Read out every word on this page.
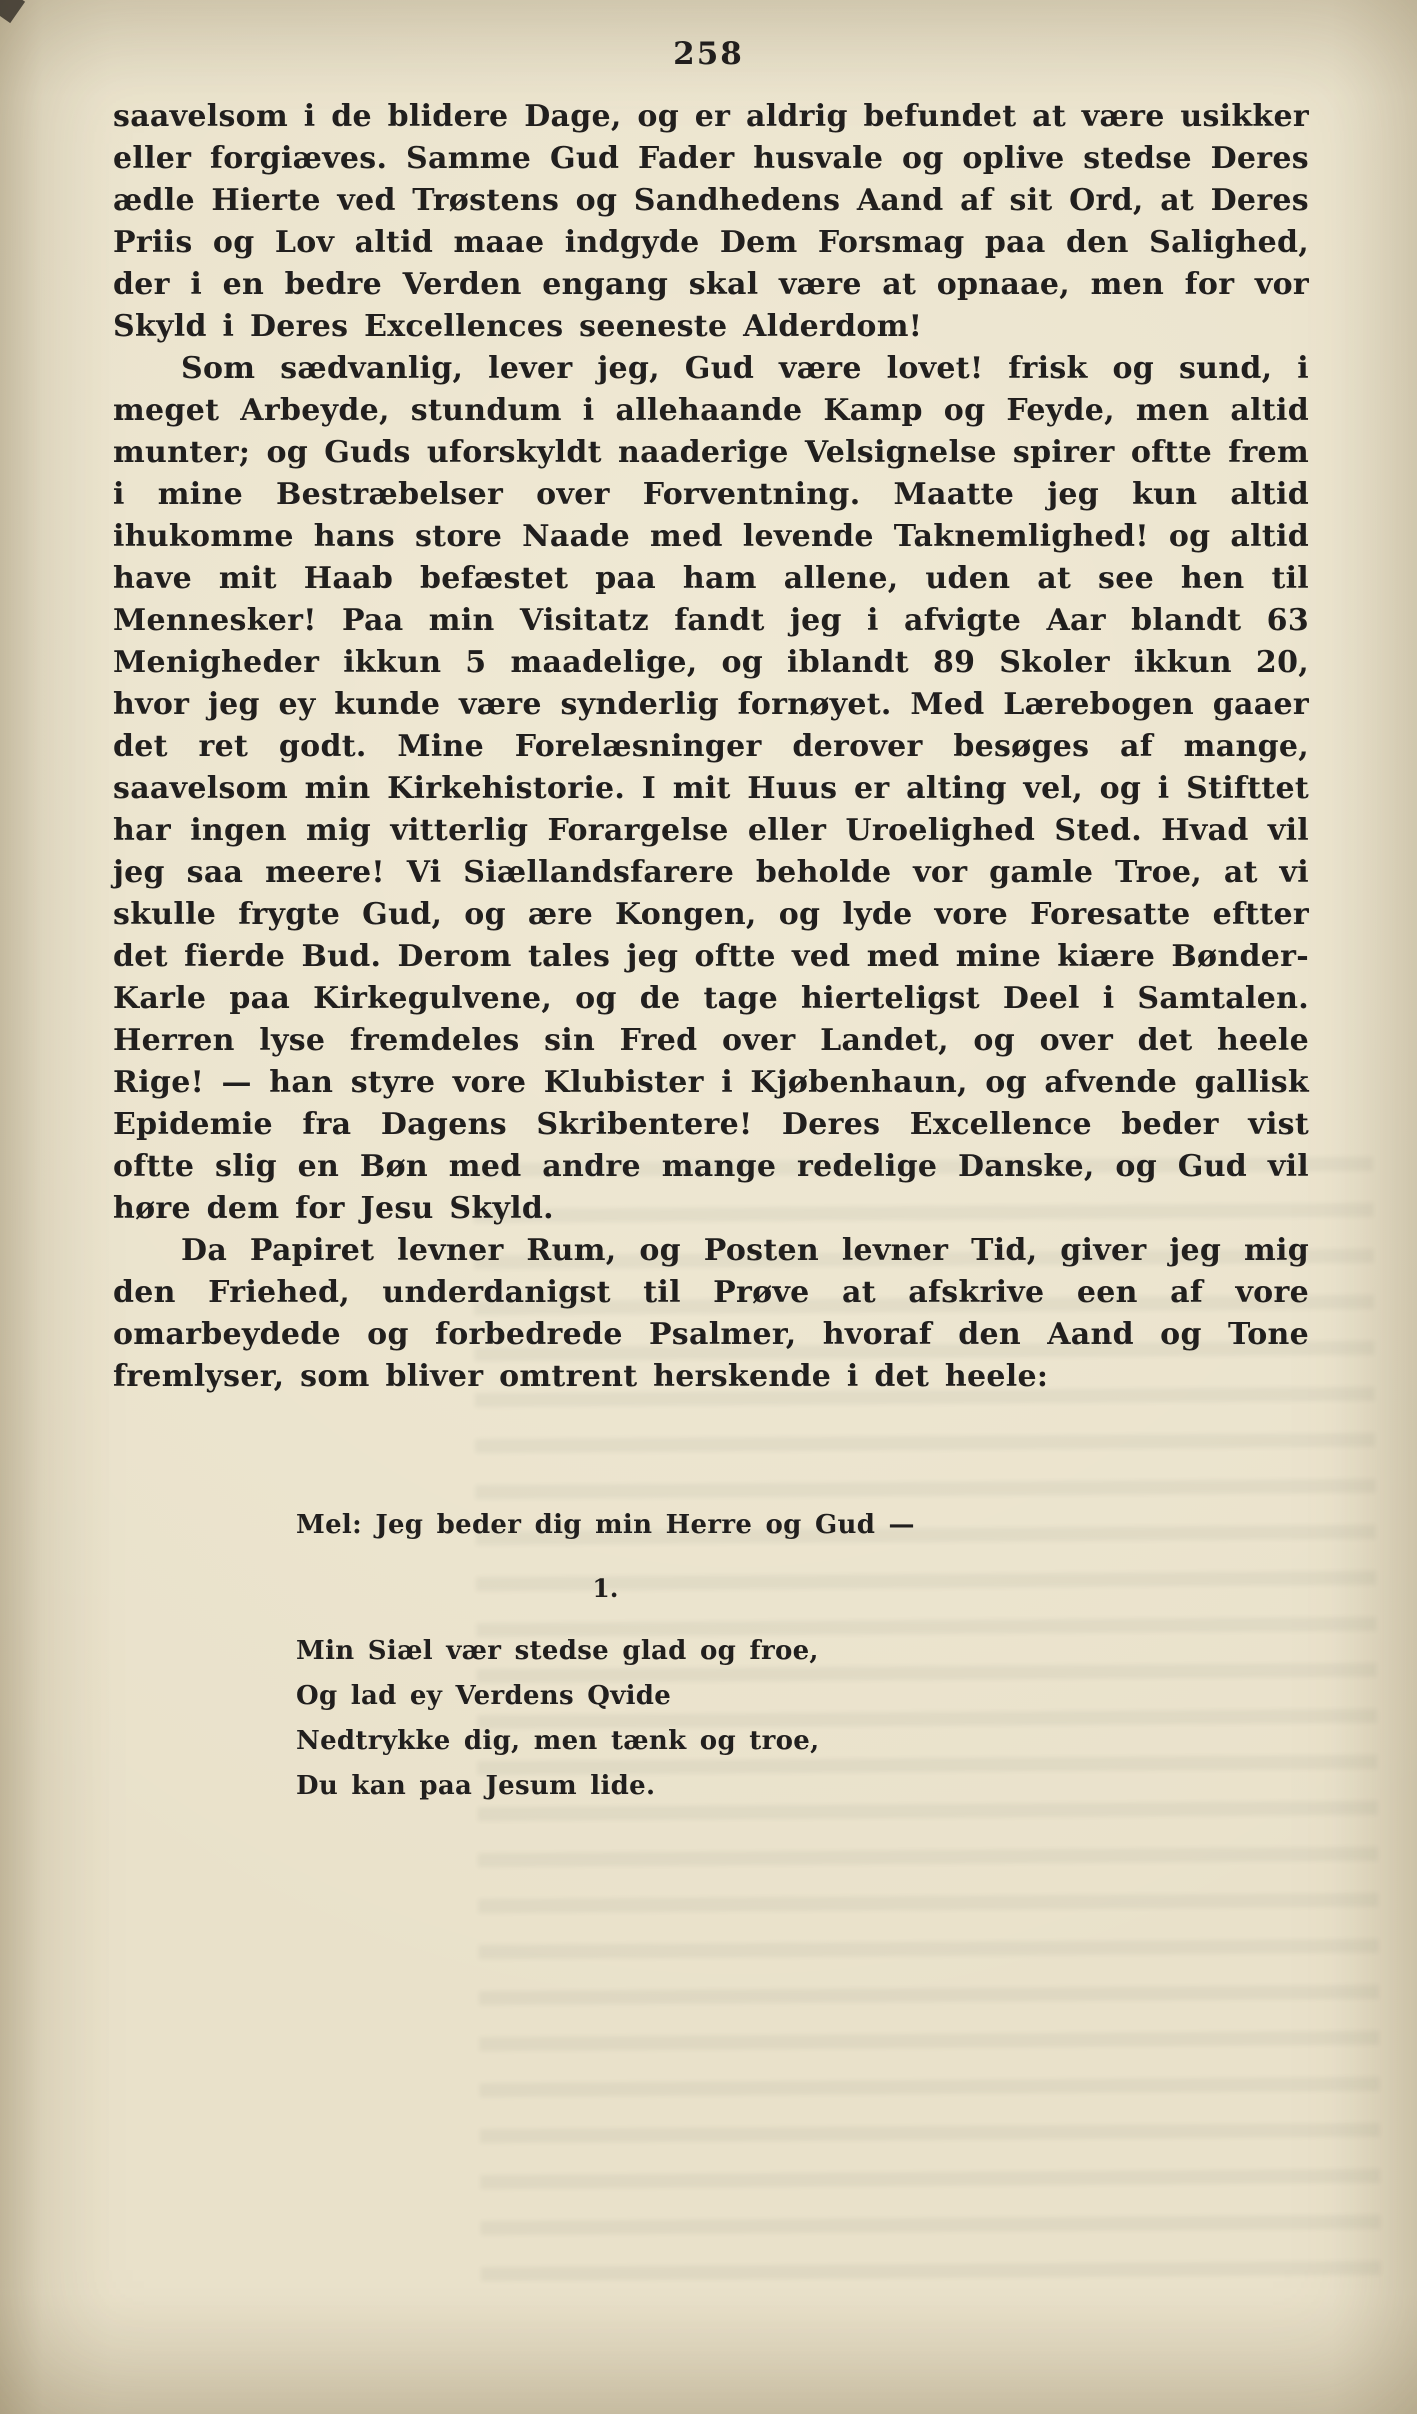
258

saavelsom i de blidere Dage, og er aldrig befundet at være usikker eller forgiæves. Samme Gud Fader husvale og oplive stedse Deres ædle Hierte ved Trøstens og Sandhedens Aand af sit Ord, at Deres Priis og Lov altid maae indgyde Dem Forsmag paa den Salighed, der i en bedre Verden engang skal være at opnaae, men for vor Skyld i Deres Excellences seeneste Alderdom!

Som sædvanlig, lever jeg, Gud være lovet! frisk og sund, i meget Arbeyde, stundum i allehaande Kamp og Feyde, men altid munter; og Guds uforskyldt naaderige Velsignelse spirer oftte frem i mine Bestræbelser over Forventning. Maatte jeg kun altid ihukomme hans store Naade med levende Taknemlighed! og altid have mit Haab befæstet paa ham allene, uden at see hen til Mennesker! Paa min Visitatz fandt jeg i afvigte Aar blandt 63 Menigheder ikkun 5 maadelige, og iblandt 89 Skoler ikkun 20, hvor jeg ey kunde være synderlig fornøyet. Med Lærebogen gaaer det ret godt. Mine Forelæsninger derover besøges af mange, saavelsom min Kirkehistorie. I mit Huus er alting vel, og i Stifttet har ingen mig vitterlig Forargelse eller Uroelighed Sted. Hvad vil jeg saa meere! Vi Siællandsfarere beholde vor gamle Troe, at vi skulle frygte Gud, og ære Kongen, og lyde vore Foresatte eftter det fierde Bud. Derom tales jeg oftte ved med mine kiære Bønder-Karle paa Kirkegulvene, og de tage hierteligst Deel i Samtalen. Herren lyse fremdeles sin Fred over Landet, og over det heele Rige! — han styre vore Klubister i Kjøbenhaun, og afvende gallisk Epidemie fra Dagens Skribentere! Deres Excellence beder vist oftte slig en Bøn med andre mange redelige Danske, og Gud vil høre dem for Jesu Skyld.

Da Papiret levner Rum, og Posten levner Tid, giver jeg mig den Friehed, underdanigst til Prøve at afskrive een af vore omarbeydede og forbedrede Psalmer, hvoraf den Aand og Tone fremlyser, som bliver omtrent herskende i det heele:

Mel: Jeg beder dig min Herre og Gud —
1.
Min Siæl vær stedse glad og froe,
Og lad ey Verdens Qvide
Nedtrykke dig, men tænk og troe,
Du kan paa Jesum lide.
